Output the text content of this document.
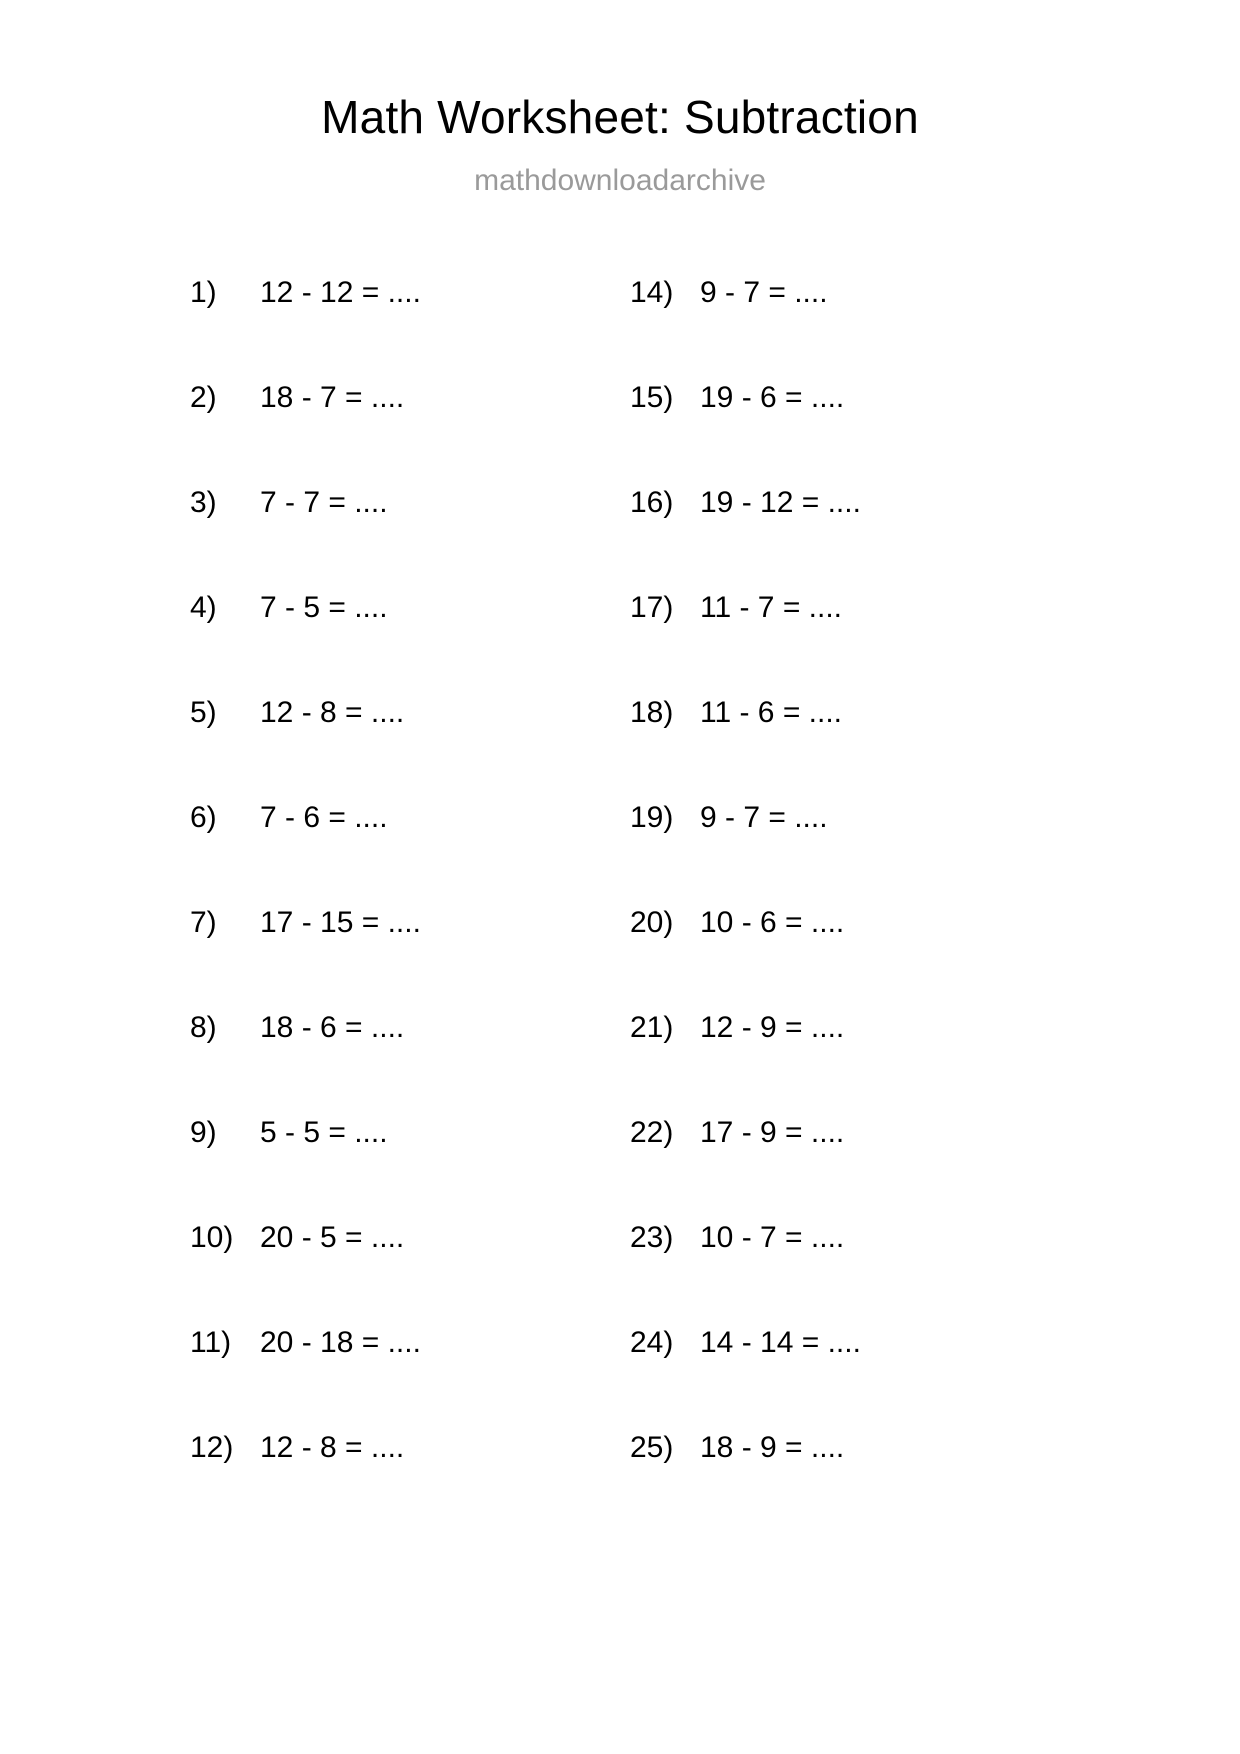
Math Worksheet: Subtraction
mathdownloadarchive
1)	12 - 12 = ....
2)	18 - 7 = ....
3)	7 - 7 = ....
4)	7 - 5 = ....
5)	12 - 8 = ....
6)	7 - 6 = ....
7)	17 - 15 = ....
8)	18 - 6 = ....
9)	5 - 5 = ....
10) 20 - 5 = ....
11) 20 - 18 = ....
12) 12 - 8 = ....
14) 9 - 7 = ....
15) 19 - 6 = ....
16) 19 - 12 = ....
17) 11 - 7 = ....
18) 11 - 6 = ....
19) 9 - 7 = ....
20) 10 - 6 = ....
21) 12 - 9 = ....
22) 17 - 9 = ....
23) 10 - 7 = ....
24) 14 - 14 = ....
25) 18 - 9 = ....
